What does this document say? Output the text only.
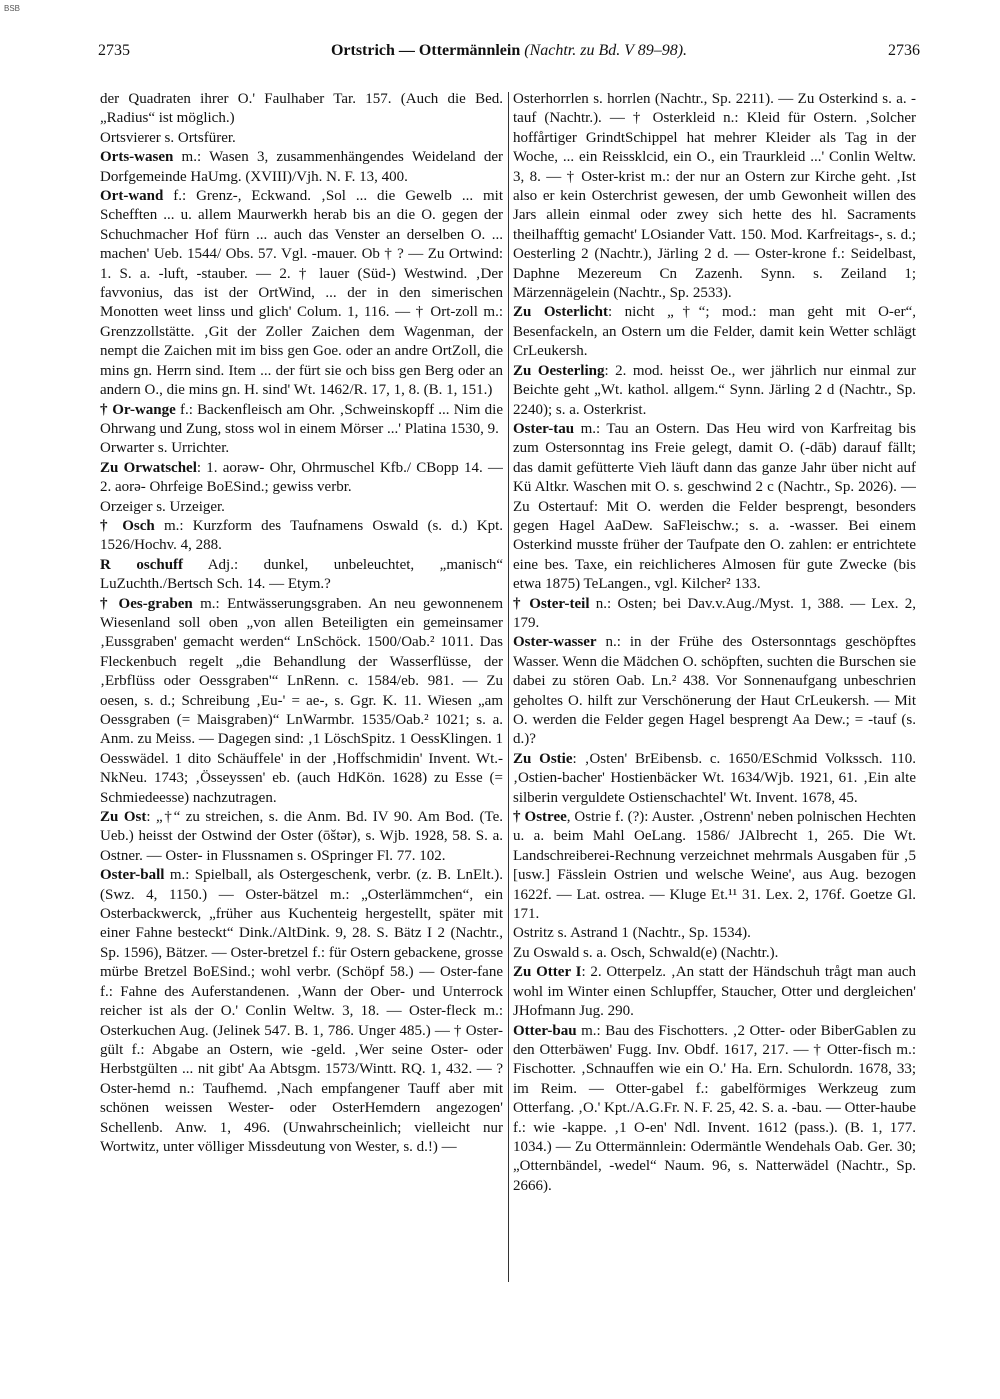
BSB
2735	Ortstrich — Ottermännlein (Nachtr. zu Bd. V 89–98).	2736

der Quadraten ihrer O.' Faulhaber Tar. 157. (Auch die Bed. „Radius“ ist möglich.)

Ortsvierer s. Ortsfürer.

Orts-wasen m.: Wasen 3, zusammenhängendes Weideland der Dorfgemeinde HaUmg. (XVIII)/Vjh. N. F. 13, 400.

Ort-wand f.: Grenz-, Eckwand. ‚Sol ... die Gewelb ... mit Schefften ... u. allem Maurwerkh herab bis an die O. gegen der Schuchmacher Hof fürn ... auch das Venster an derselben O. ... machen' Ueb. 1544/ Obs. 57. Vgl. -mauer. Ob † ? — Zu Ortwind: 1. S. a. -luft, -stauber. — 2. † lauer (Süd-) Westwind. ‚Der favvonius, das ist der OrtWind, ... der in den simerischen Monotten weet linss und glich' Colum. 1, 116. — † Ort-zoll m.: Grenzzollstätte. ‚Git der Zoller Zaichen dem Wagenman, der nempt die Zaichen mit im biss gen Goe. oder an andre OrtZoll, die mins gn. Herrn sind. Item ... der fürt sie och biss gen Berg oder an andern O., die mins gn. H. sind' Wt. 1462/R. 17, 1, 8. (B. 1, 151.)

† Or-wange f.: Backenfleisch am Ohr. ‚Schweinskopff ... Nim die Ohrwang und Zung, stoss wol in einem Mörser ...' Platina 1530, 9.

Orwarter s. Urrichter.

Zu Orwatschel: 1. aorəw- Ohr, Ohrmuschel Kfb./ CBopp 14. — 2. aorə- Ohrfeige BoESind.; gewiss verbr.

Orzeiger s. Urzeiger.

† Osch m.: Kurzform des Taufnamens Oswald (s. d.) Kpt. 1526/Hochv. 4, 288.

R oschuff Adj.: dunkel, unbeleuchtet, „manisch“ LuZuchth./Bertsch Sch. 14. — Etym.?

† Oes-graben m.: Entwässerungsgraben. An neu gewonnenem Wiesenland soll oben „von allen Beteiligten ein gemeinsamer ‚Eussgraben' gemacht werden“ LnSchöck. 1500/Oab.² 1011. Das Fleckenbuch regelt „die Behandlung der Wasserflüsse, der ‚Erbflüss oder Oessgraben'“ LnRenn. c. 1584/eb. 981. — Zu oesen, s. d.; Schreibung ‚Eu-' = ae-, s. Ggr. K. 11. Wiesen „am Oessgraben (= Maisgraben)“ LnWarmbr. 1535/Oab.² 1021; s. a. Anm. zu Meiss. — Dagegen sind: ‚1 LöschSpitz. 1 OessKlingen. 1 Oesswädel. 1 dito Schäuffele' in der ‚Hoffschmidin' Invent. Wt.-NkNeu. 1743; ‚Össeyssen' eb. (auch HdKön. 1628) zu Esse (= Schmiedeesse) nachzutragen.

Zu Ost: „†“ zu streichen, s. die Anm. Bd. IV 90. Am Bod. (Te. Ueb.) heisst der Ostwind der Oster (ōštər), s. Wjb. 1928, 58. S. a. Ostner. — Oster- in Flussnamen s. OSpringer Fl. 77. 102.

Oster-ball m.: Spielball, als Ostergeschenk, verbr. (z. B. LnElt.). (Swz. 4, 1150.) — Oster-bätzel m.: „Osterlämmchen“, ein Osterbackwerck, „früher aus Kuchenteig hergestellt, später mit einer Fahne besteckt“ Dink./AltDink. 9, 28. S. Bätz I 2 (Nachtr., Sp. 1596), Bätzer. — Oster-bretzel f.: für Ostern gebackene, grosse mürbe Bretzel BoESind.; wohl verbr. (Schöpf 58.) — Oster-fane f.: Fahne des Auferstandenen. ‚Wann der Ober- und Unterrock reicher ist als der O.' Conlin Weltw. 3, 18. — Oster-fleck m.: Osterkuchen Aug. (Jelinek 547. B. 1, 786. Unger 485.) — † Oster-gült f.: Abgabe an Ostern, wie -geld. ‚Wer seine Oster- oder Herbstgülten ... nit gibt' Aa Abtsgm. 1573/Wintt. RQ. 1, 432. — ? Oster-hemd n.: Taufhemd. ‚Nach empfangener Tauff aber mit schönen weissen Wester- oder OsterHemdern angezogen' Schellenb. Anw. 1, 496. (Unwahrscheinlich; vielleicht nur Wortwitz, unter völliger Missdeutung von Wester, s. d.!) —

Osterhorrlen s. horrlen (Nachtr., Sp. 2211). — Zu Osterkind s. a. -tauf (Nachtr.). — † Osterkleid n.: Kleid für Ostern. ‚Solcher hoffårtiger GrindtSchippel hat mehrer Kleider als Tag in der Woche, ... ein Reissklcid, ein O., ein Traurkleid ...' Conlin Weltw. 3, 8. — † Oster-krist m.: der nur an Ostern zur Kirche geht. ‚Ist also er kein Osterchrist gewesen, der umb Gewonheit willen des Jars allein einmal oder zwey sich hette des hl. Sacraments theilhafftig gemacht' LOsiander Vatt. 150. Mod. Karfreitags-, s. d.; Oesterling 2 (Nachtr.), Järling 2 d. — Oster-krone f.: Seidelbast, Daphne Mezereum Cn Zazenh. Synn. s. Zeiland 1; Märzennägelein (Nachtr., Sp. 2533).

Zu Osterlicht: nicht „†“; mod.: man geht mit O-er“, Besenfackeln, an Ostern um die Felder, damit kein Wetter schlägt CrLeukersh.

Zu Oesterling: 2. mod. heisst Oe., wer jährlich nur einmal zur Beichte geht „Wt. kathol. allgem.“ Synn. Järling 2 d (Nachtr., Sp. 2240); s. a. Osterkrist.

Oster-tau m.: Tau an Ostern. Das Heu wird von Karfreitag bis zum Ostersonntag ins Freie gelegt, damit O. (-dāb) darauf fällt; das damit gefütterte Vieh läuft dann das ganze Jahr über nicht auf Kü Altkr. Waschen mit O. s. geschwind 2 c (Nachtr., Sp. 2026). — Zu Ostertauf: Mit O. werden die Felder besprengt, besonders gegen Hagel AaDew. SaFleischw.; s. a. -wasser. Bei einem Osterkind musste früher der Taufpate den O. zahlen: er entrichtete eine bes. Taxe, ein reichlicheres Almosen für gute Zwecke (bis etwa 1875) TeLangen., vgl. Kilcher² 133.

† Oster-teil n.: Osten; bei Dav.v.Aug./Myst. 1, 388. — Lex. 2, 179.

Oster-wasser n.: in der Frühe des Ostersonntags geschöpftes Wasser. Wenn die Mädchen O. schöpften, suchten die Burschen sie dabei zu stören Oab. Ln.² 438. Vor Sonnenaufgang unbeschrien geholtes O. hilft zur Verschönerung der Haut CrLeukersh. — Mit O. werden die Felder gegen Hagel besprengt Aa Dew.; = -tauf (s. d.)?

Zu Ostie: ‚Osten' BrEibensb. c. 1650/ESchmid Volkssch. 110. ‚Ostien-bacher' Hostienbäcker Wt. 1634/Wjb. 1921, 61. ‚Ein alte silberin verguldete Ostienschachtel' Wt. Invent. 1678, 45.

† Ostree, Ostrie f. (?): Auster. ‚Ostrenn' neben polnischen Hechten u. a. beim Mahl OeLang. 1586/ JAlbrecht 1, 265. Die Wt. Landschreiberei-Rechnung verzeichnet mehrmals Ausgaben für ‚5 [usw.] Fässlein Ostrien und welsche Weine', aus Aug. bezogen 1622f. — Lat. ostrea. — Kluge Et.¹¹ 31. Lex. 2, 176f. Goetze Gl. 171.

Ostritz s. Astrand 1 (Nachtr., Sp. 1534).

Zu Oswald s. a. Osch, Schwald(e) (Nachtr.).

Zu Otter I: 2. Otterpelz. ‚An statt der Händschuh trågt man auch wohl im Winter einen Schlupffer, Staucher, Otter und dergleichen' JHofmann Jug. 290.

Otter-bau m.: Bau des Fischotters. ‚2 Otter- oder BiberGablen zu den Otterbäwen' Fugg. Inv. Obdf. 1617, 217. — † Otter-fisch m.: Fischotter. ‚Schnauffen wie ein O.' Ha. Ern. Schulordn. 1678, 33; im Reim. — Otter-gabel f.: gabelförmiges Werkzeug zum Otterfang. ‚O.' Kpt./A.G.Fr. N. F. 25, 42. S. a. -bau. — Otter-haube f.: wie -kappe. ‚1 O-en' Ndl. Invent. 1612 (pass.). (B. 1, 177. 1034.) — Zu Ottermännlein: Odermäntle Wendehals Oab. Ger. 30; „Otternbändel, -wedel“ Naum. 96, s. Natterwädel (Nachtr., Sp. 2666).
